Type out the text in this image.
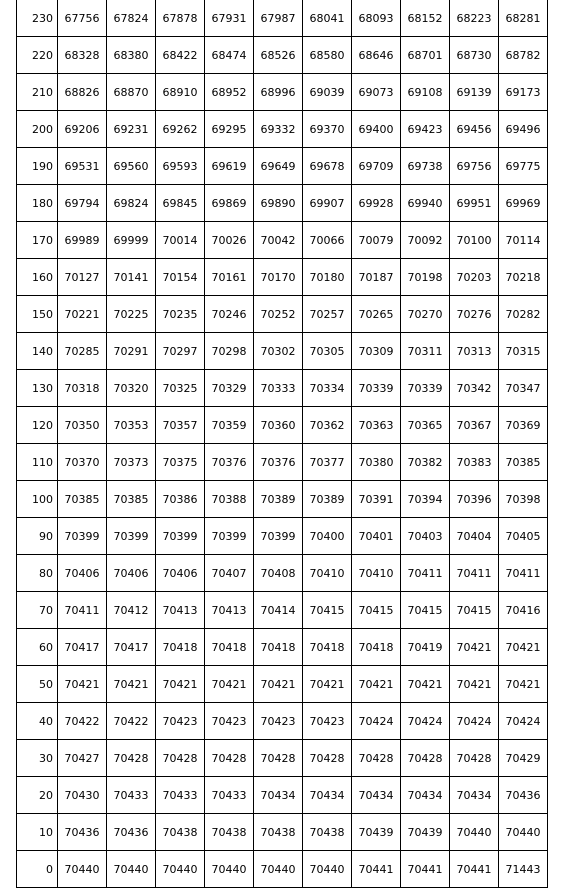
230	67756	67824	67878	67931	67987	68041	68093	68152	68223	68281
220	68328	68380	68422	68474	68526	68580	68646	68701	68730	68782
210	68826	68870	68910	68952	68996	69039	69073	69108	69139	69173
200	69206	69231	69262	69295	69332	69370	69400	69423	69456	69496
190	69531	69560	69593	69619	69649	69678	69709	69738	69756	69775
180	69794	69824	69845	69869	69890	69907	69928	69940	69951	69969
170	69989	69999	70014	70026	70042	70066	70079	70092	70100	70114
160	70127	70141	70154	70161	70170	70180	70187	70198	70203	70218
150	70221	70225	70235	70246	70252	70257	70265	70270	70276	70282
140	70285	70291	70297	70298	70302	70305	70309	70311	70313	70315
130	70318	70320	70325	70329	70333	70334	70339	70339	70342	70347
120	70350	70353	70357	70359	70360	70362	70363	70365	70367	70369
110	70370	70373	70375	70376	70376	70377	70380	70382	70383	70385
100	70385	70385	70386	70388	70389	70389	70391	70394	70396	70398
90	70399	70399	70399	70399	70399	70400	70401	70403	70404	70405
80	70406	70406	70406	70407	70408	70410	70410	70411	70411	70411
70	70411	70412	70413	70413	70414	70415	70415	70415	70415	70416
60	70417	70417	70418	70418	70418	70418	70418	70419	70421	70421
50	70421	70421	70421	70421	70421	70421	70421	70421	70421	70421
40	70422	70422	70423	70423	70423	70423	70424	70424	70424	70424
30	70427	70428	70428	70428	70428	70428	70428	70428	70428	70429
20	70430	70433	70433	70433	70434	70434	70434	70434	70434	70436
10	70436	70436	70438	70438	70438	70438	70439	70439	70440	70440
0	70440	70440	70440	70440	70440	70440	70441	70441	70441	71443
